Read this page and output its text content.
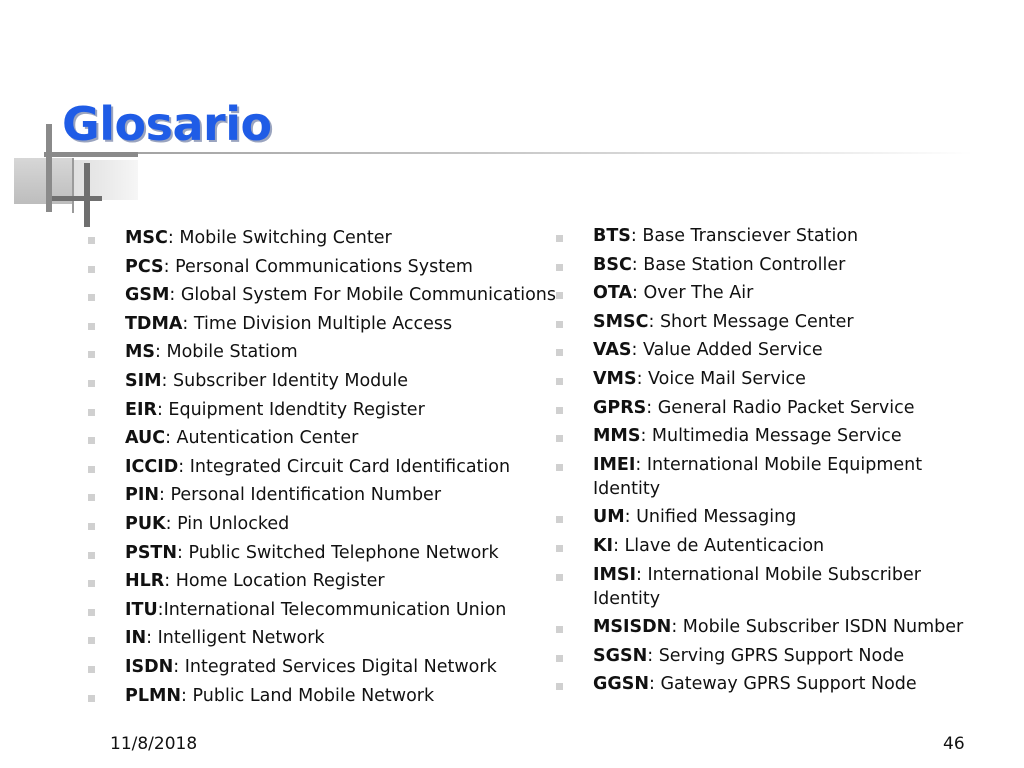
Glosario
MSC: Mobile Switching Center
PCS: Personal Communications System
GSM: Global System For Mobile Communications
TDMA: Time Division Multiple Access
MS: Mobile Statiom
SIM: Subscriber Identity Module
EIR: Equipment Idendtity Register
AUC: Autentication Center
ICCID: Integrated Circuit Card Identification
PIN: Personal Identification Number
PUK: Pin Unlocked
PSTN: Public Switched Telephone Network
HLR: Home Location Register
ITU:International Telecommunication Union
IN: Intelligent Network
ISDN: Integrated Services Digital Network
PLMN: Public Land Mobile Network
BTS: Base Transciever Station
BSC: Base Station Controller
OTA: Over The Air
SMSC: Short Message Center
VAS: Value Added Service
VMS: Voice Mail Service
GPRS: General Radio Packet Service
MMS: Multimedia Message Service
IMEI: International Mobile Equipment Identity
UM: Unified Messaging
KI: Llave de Autenticacion
IMSI: International Mobile Subscriber Identity
MSISDN: Mobile Subscriber ISDN Number
SGSN: Serving GPRS Support Node
GGSN: Gateway GPRS Support Node
11/8/2018	46
